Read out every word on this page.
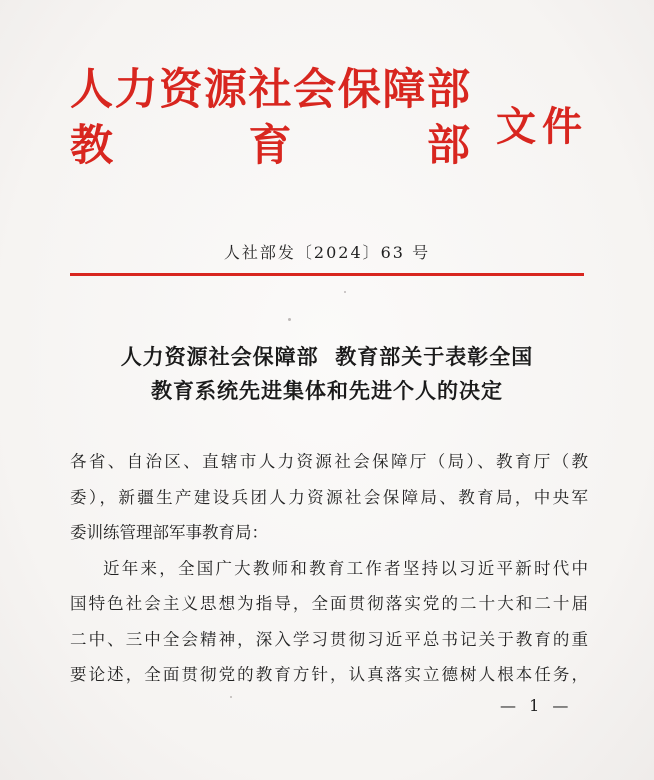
人 力 资 源 社 会 保 障 部
教	育	部 文件
人社部发〔2024〕63 号
人力资源社会保障部  教育部关于表彰全国
教育系统先进集体和先进个人的决定
各省、自治区、直辖市人力资源社会保障厅（局）、教育厅（教
委），新疆生产建设兵团人力资源社会保障局、教育局，中央军
委训练管理部军事教育局：
近年来，全国广大教师和教育工作者坚持以习近平新时代中
国特色社会主义思想为指导，全面贯彻落实党的二十大和二十届
二中、三中全会精神，深入学习贯彻习近平总书记关于教育的重
要论述，全面贯彻党的教育方针，认真落实立德树人根本任务，
— 1 —
